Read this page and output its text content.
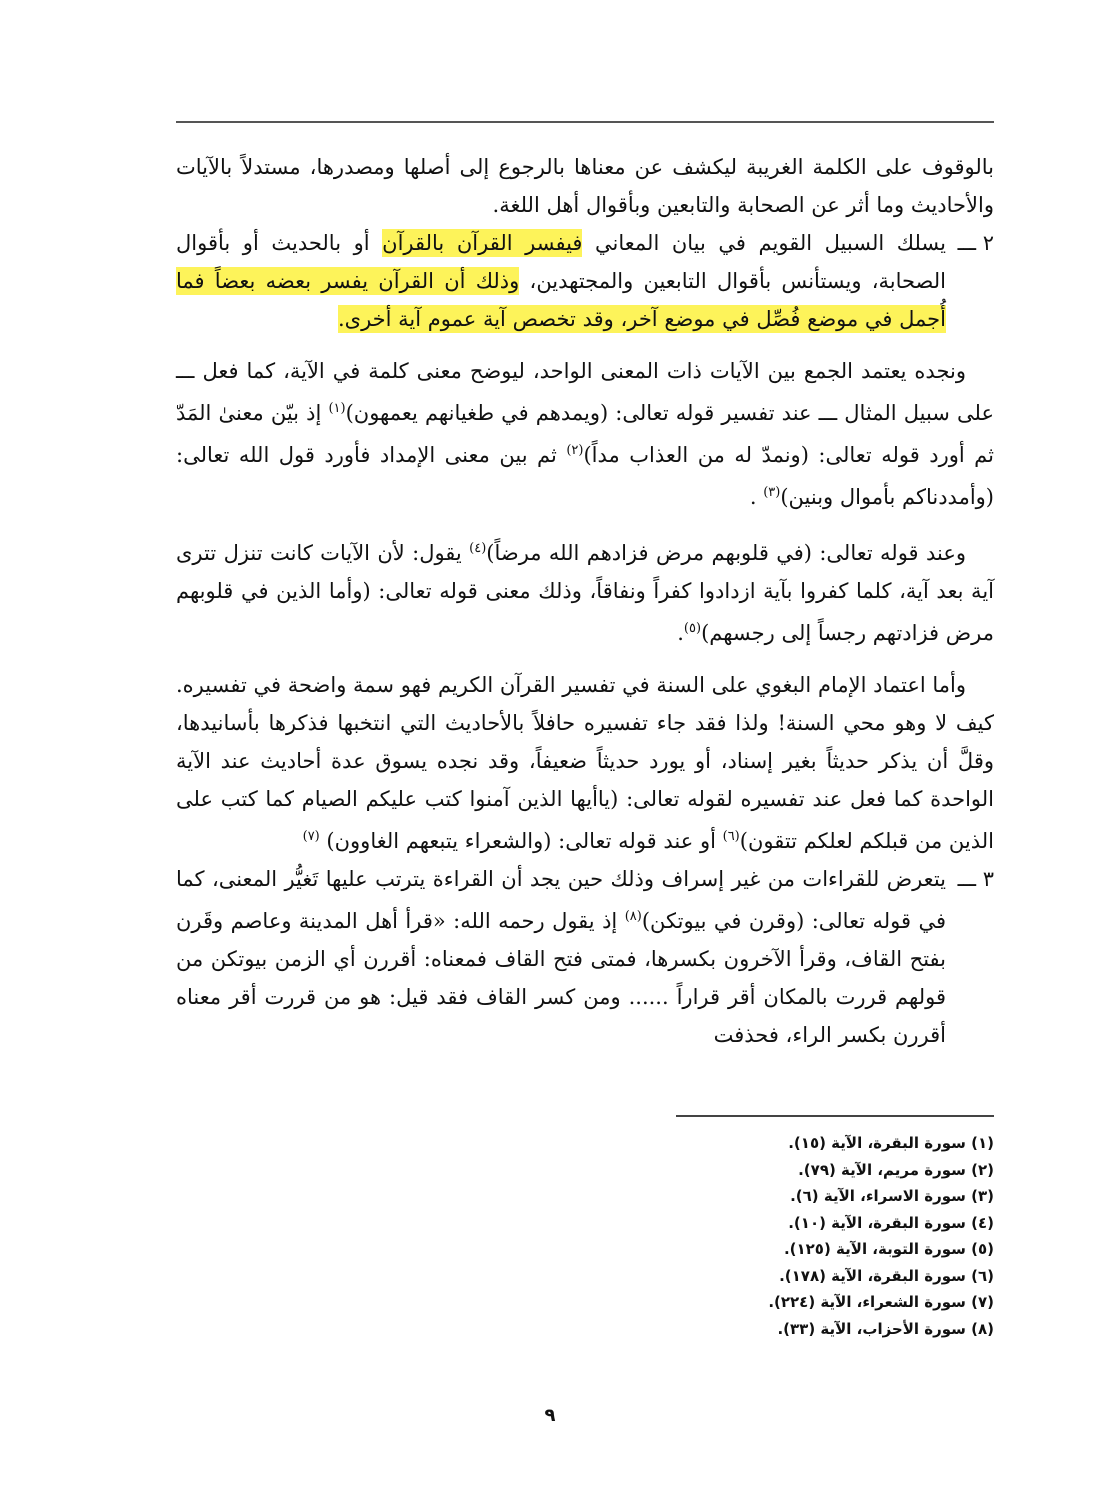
بالوقوف على الكلمة الغريبة ليكشف عن معناها بالرجوع إلى أصلها ومصدرها، مستدلاً بالآيات والأحاديث وما أثر عن الصحابة والتابعين وبأقوال أهل اللغة.

٢ ـــ
يسلك السبيل القويم في بيان المعاني فيفسر القرآن بالقرآن أو بالحديث أو بأقوال الصحابة، ويستأنس بأقوال التابعين والمجتهدين، وذلك أن القرآن يفسر بعضه بعضاً فما أُجمل في موضع فُصِّل في موضع آخر، وقد تخصص آية عموم آية أخرى.

ونجده يعتمد الجمع بين الآيات ذات المعنى الواحد، ليوضح معنى كلمة في الآية، كما فعل ـــ على سبيل المثال ـــ عند تفسير قوله تعالى: (ويمدهم في طغيانهم يعمهون)$^{(١)}$ إذ بيّن معنىٰ المَدّ ثم أورد قوله تعالى: (ونمدّ له من العذاب مداً)$^{(٢)}$ ثم بين معنى الإمداد فأورد قول الله تعالى: (وأمددناكم بأموال وبنين)$^{(٣)}$ .

وعند قوله تعالى: (في قلوبهم مرض فزادهم الله مرضاً)$^{(٤)}$ يقول: لأن الآيات كانت تنزل تترى آية بعد آية، كلما كفروا بآية ازدادوا كفراً ونفاقاً، وذلك معنى قوله تعالى: (وأما الذين في قلوبهم مرض فزادتهم رجساً إلى رجسهم)$^{(٥)}$.

وأما اعتماد الإمام البغوي على السنة في تفسير القرآن الكريم فهو سمة واضحة في تفسيره. كيف لا وهو محي السنة! ولذا فقد جاء تفسيره حافلاً بالأحاديث التي انتخبها فذكرها بأسانيدها، وقلَّ أن يذكر حديثاً بغير إسناد، أو يورد حديثاً ضعيفاً، وقد نجده يسوق عدة أحاديث عند الآية الواحدة كما فعل عند تفسيره لقوله تعالى: (ياأيها الذين آمنوا كتب عليكم الصيام كما كتب على الذين من قبلكم لعلكم تتقون)$^{(٦)}$ أو عند قوله تعالى: (والشعراء يتبعهم الغاوون) $^{(٧)}$

٣ ـــ
يتعرض للقراءات من غير إسراف وذلك حين يجد أن القراءة يترتب عليها تَغيُّر المعنى، كما في قوله تعالى: (وقرن في بيوتكن)$^{(٨)}$ إذ يقول رحمه الله: «قرأ أهل المدينة وعاصم وقَرن بفتح القاف، وقرأ الآخرون بكسرها، فمتى فتح القاف فمعناه: أقررن أي الزمن بيوتكن من قولهم قررت بالمكان أقر قراراً ...... ومن كسر القاف فقد قيل: هو من قررت أقر معناه أقررن بكسر الراء، فحذفت
(١) سورة البقرة، الآية (١٥).
(٢) سورة مريم، الآية (٧٩).
(٣) سورة الاسراء، الآية (٦).
(٤) سورة البقرة، الآية (١٠).
(٥) سورة التوبة، الآية (١٢٥).
(٦) سورة البقرة، الآية (١٧٨).
(٧) سورة الشعراء، الآية (٢٢٤).
(٨) سورة الأحزاب، الآية (٣٣).
٩
